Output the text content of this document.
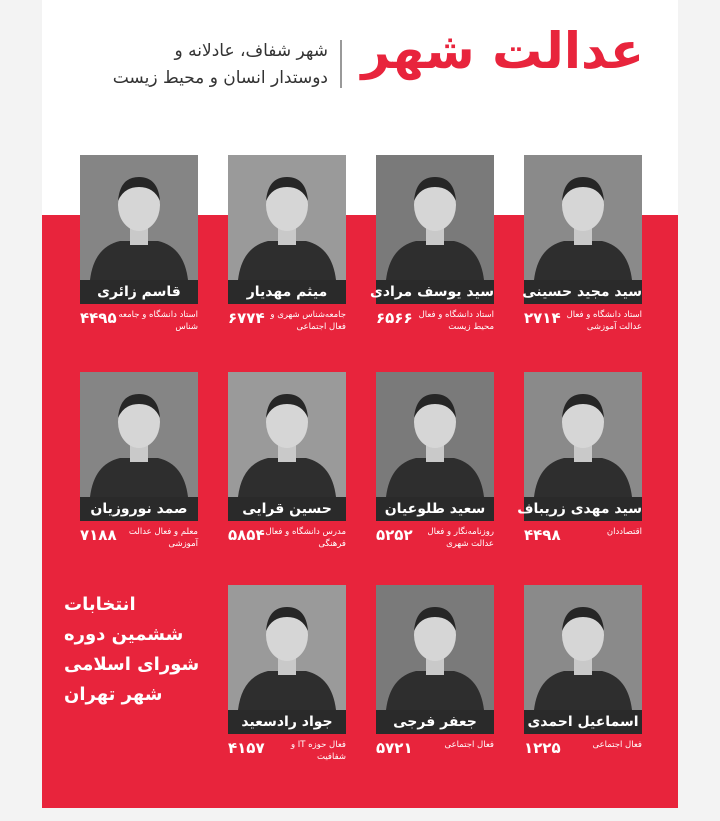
عدالت شهر
شهر شفاف، عادلانه و
دوستدار انسان و محیط زیست
سید مجید حسینی
استاد دانشگاه و فعال عدالت آموزشی
۲۷۱۴
سید یوسف مرادی
استاد دانشگاه و فعال محیط زیست
۶۵۶۶
میثم مهدیار
جامعه‌شناس شهری و فعال اجتماعی
۶۷۷۴
قاسم زائری
استاد دانشگاه و جامعه شناس
۴۴۹۵
سید مهدی زریباف
اقتصاددان
۴۴۹۸
سعید طلوعیان
روزنامه‌نگار و فعال عدالت شهری
۵۲۵۲
حسین قرایی
مدرس دانشگاه و فعال فرهنگی
۵۸۵۴
صمد نوروزیان
معلم و فعال عدالت آموزشی
۷۱۸۸
اسماعیل احمدی
فعال اجتماعی
۱۲۲۵
جعفر فرجی
فعال اجتماعی
۵۷۲۱
جواد رادسعید
فعال حوزه IT و شفافیت
۴۱۵۷
انتخابات
ششمین دوره
شورای اسلامی
شهر تهران
